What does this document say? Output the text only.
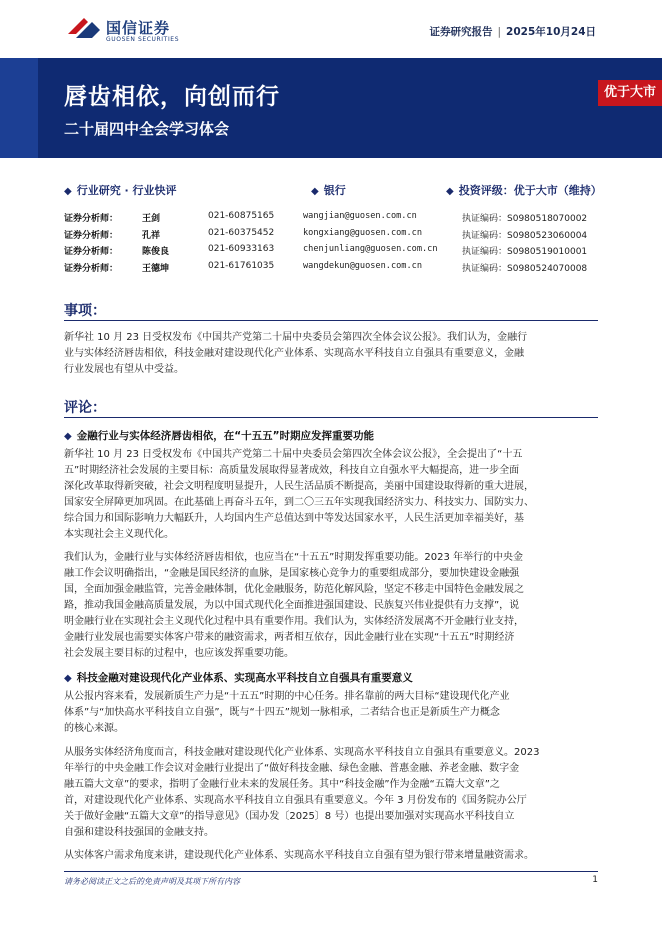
国信证券
GUOSEN SECURITIES
证券研究报告 | 2025年10月24日
唇齿相依，向创而行
二十届四中全会学习体会
优于大市
◆ 行业研究 · 行业快评	◆ 银行	◆ 投资评级：优于大市（维持）
证券分析师：	王剑	021-60875165	wangjian@guosen.com.cn	执证编码：S0980518070002
证券分析师：	孔祥	021-60375452	kongxiang@guosen.com.cn	执证编码：S0980523060004
证券分析师：	陈俊良	021-60933163	chenjunliang@guosen.com.cn	执证编码：S0980519010001
证券分析师：	王德坤	021-61761035	wangdekun@guosen.com.cn	执证编码：S0980524070008
事项：
新华社 10 月 23 日受权发布《中国共产党第二十届中央委员会第四次全体会议公报》。我们认为，金融行
业与实体经济唇齿相依，科技金融对建设现代化产业体系、实现高水平科技自立自强具有重要意义，金融
行业发展也有望从中受益。
评论：
◆ 金融行业与实体经济唇齿相依，在“十五五”时期应发挥重要功能
新华社 10 月 23 日受权发布《中国共产党第二十届中央委员会第四次全体会议公报》，全会提出了“十五
五”时期经济社会发展的主要目标：高质量发展取得显著成效，科技自立自强水平大幅提高，进一步全面
深化改革取得新突破，社会文明程度明显提升，人民生活品质不断提高，美丽中国建设取得新的重大进展，
国家安全屏障更加巩固。在此基础上再奋斗五年，到二〇三五年实现我国经济实力、科技实力、国防实力、
综合国力和国际影响力大幅跃升，人均国内生产总值达到中等发达国家水平，人民生活更加幸福美好，基
本实现社会主义现代化。
我们认为，金融行业与实体经济唇齿相依，也应当在“十五五”时期发挥重要功能。2023 年举行的中央金
融工作会议明确指出，“金融是国民经济的血脉，是国家核心竞争力的重要组成部分，要加快建设金融强
国，全面加强金融监管，完善金融体制，优化金融服务，防范化解风险，坚定不移走中国特色金融发展之
路，推动我国金融高质量发展，为以中国式现代化全面推进强国建设、民族复兴伟业提供有力支撑”，说
明金融行业在实现社会主义现代化过程中具有重要作用。我们认为，实体经济发展离不开金融行业支持，
金融行业发展也需要实体客户带来的融资需求，两者相互依存，因此金融行业在实现“十五五”时期经济
社会发展主要目标的过程中，也应该发挥重要功能。
◆ 科技金融对建设现代化产业体系、实现高水平科技自立自强具有重要意义
从公报内容来看，发展新质生产力是“十五五”时期的中心任务。排名靠前的两大目标“建设现代化产业
体系”与“加快高水平科技自立自强”，既与“十四五”规划一脉相承，二者结合也正是新质生产力概念
的核心来源。
从服务实体经济角度而言，科技金融对建设现代化产业体系、实现高水平科技自立自强具有重要意义。2023
年举行的中央金融工作会议对金融行业提出了“做好科技金融、绿色金融、普惠金融、养老金融、数字金
融五篇大文章”的要求，指明了金融行业未来的发展任务。其中“科技金融”作为金融“五篇大文章”之
首，对建设现代化产业体系、实现高水平科技自立自强具有重要意义。今年 3 月份发布的《国务院办公厅
关于做好金融“五篇大文章”的指导意见》（国办发〔2025〕8 号）也提出要加强对实现高水平科技自立
自强和建设科技强国的金融支持。
从实体客户需求角度来讲，建设现代化产业体系、实现高水平科技自立自强有望为银行带来增量融资需求。
请务必阅读正文之后的免责声明及其项下所有内容	1
